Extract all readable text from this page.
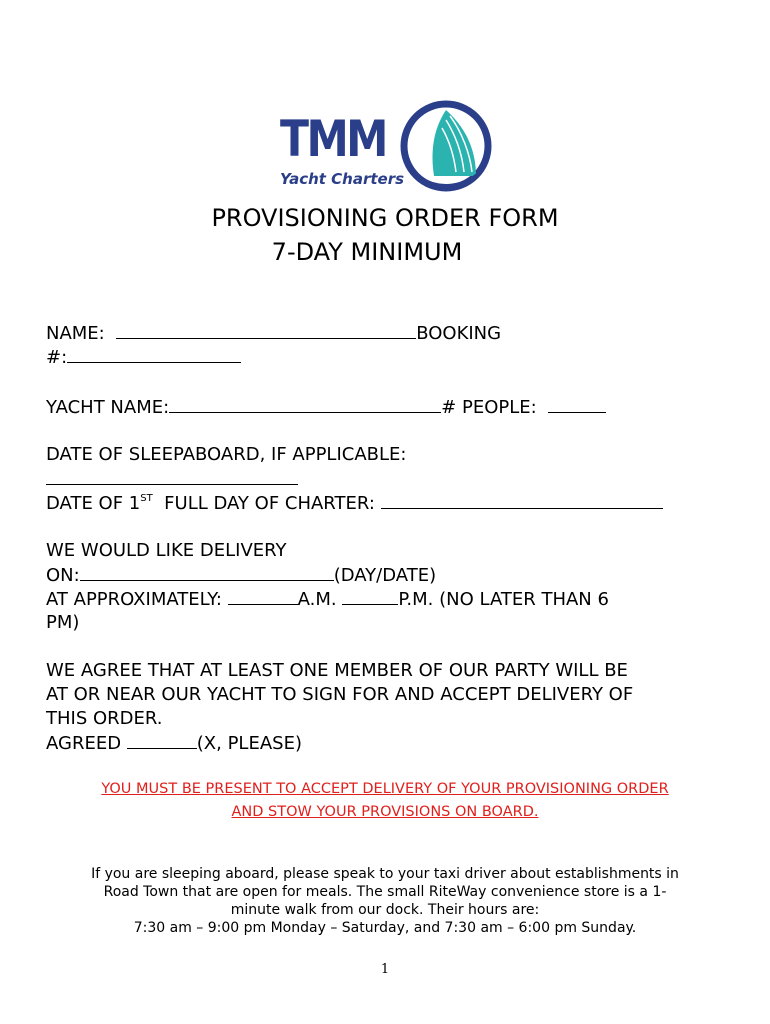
TMM
Yacht Charters
PROVISIONING ORDER FORM
7-DAY MINIMUM
NAME:	BOOKING
#:
YACHT NAME:	# PEOPLE:
DATE OF SLEEPABOARD, IF APPLICABLE:
DATE OF 1ST  FULL DAY OF CHARTER:
WE WOULD LIKE DELIVERY
ON:	(DAY/DATE)
AT APPROXIMATELY:	A.M.	P.M. (NO LATER THAN 6
PM)
WE AGREE THAT AT LEAST ONE MEMBER OF OUR PARTY WILL BE
AT OR NEAR OUR YACHT TO SIGN FOR AND ACCEPT DELIVERY OF
THIS ORDER.
AGREED	(X, PLEASE)
YOU MUST BE PRESENT TO ACCEPT DELIVERY OF YOUR PROVISIONING ORDER
AND STOW YOUR PROVISIONS ON BOARD.
If you are sleeping aboard, please speak to your taxi driver about establishments in
Road Town that are open for meals. The small RiteWay convenience store is a 1-
minute walk from our dock. Their hours are:
7:30 am – 9:00 pm Monday – Saturday, and 7:30 am – 6:00 pm Sunday.
1
